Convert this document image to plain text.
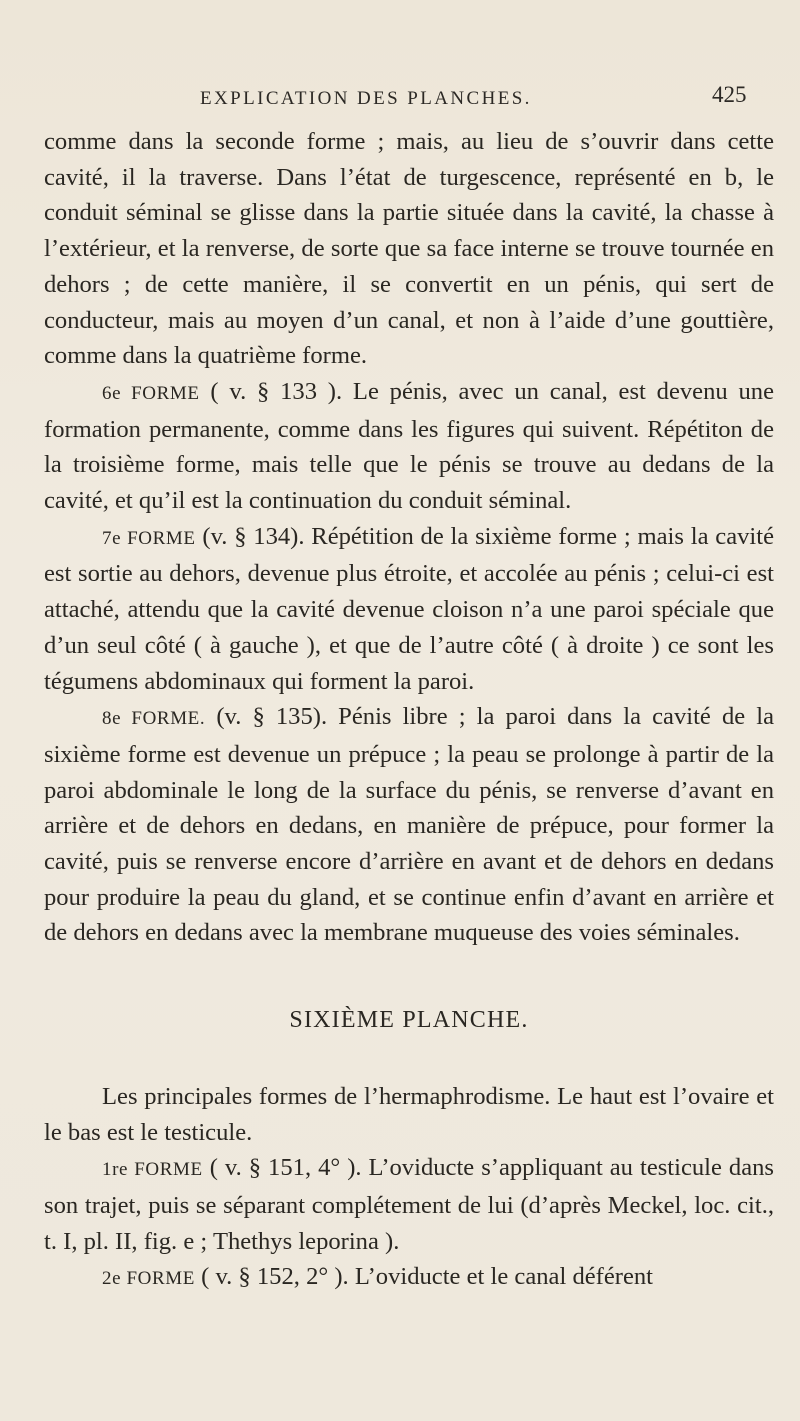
EXPLICATION DES PLANCHES.	425

comme dans la seconde forme ; mais, au lieu de s’ouvrir dans cette cavité, il la traverse. Dans l’état de turgescence, représenté en b, le conduit séminal se glisse dans la partie située dans la cavité, la chasse à l’extérieur, et la renverse, de sorte que sa face interne se trouve tournée en dehors ; de cette manière, il se convertit en un pénis, qui sert de conducteur, mais au moyen d’un canal, et non à l’aide d’une gouttière, comme dans la quatrième forme.

6e FORME ( v. § 133 ). Le pénis, avec un canal, est devenu une formation permanente, comme dans les figures qui suivent. Répétiton de la troisième forme, mais telle que le pénis se trouve au dedans de la cavité, et qu’il est la continuation du conduit séminal.

7e FORME (v. § 134). Répétition de la sixième forme ; mais la cavité est sortie au dehors, devenue plus étroite, et accolée au pénis ; celui-ci est attaché, attendu que la cavité devenue cloison n’a une paroi spéciale que d’un seul côté ( à gauche ), et que de l’autre côté ( à droite ) ce sont les tégumens abdominaux qui forment la paroi.

8e FORME. (v. § 135). Pénis libre ; la paroi dans la cavité de la sixième forme est devenue un prépuce ; la peau se prolonge à partir de la paroi abdominale le long de la surface du pénis, se renverse d’avant en arrière et de dehors en dedans, en manière de prépuce, pour former la cavité, puis se renverse encore d’arrière en avant et de dehors en dedans pour produire la peau du gland, et se continue enfin d’avant en arrière et de dehors en dedans avec la membrane muqueuse des voies séminales.

SIXIÈME PLANCHE.

Les principales formes de l’hermaphrodisme. Le haut est l’ovaire et le bas est le testicule.

1re FORME ( v. § 151, 4° ). L’oviducte s’appliquant au testicule dans son trajet, puis se séparant complétement de lui (d’après Meckel, loc. cit., t. I, pl. II, fig. e ; Thethys leporina ).

2e FORME ( v. § 152, 2° ). L’oviducte et le canal déférent
